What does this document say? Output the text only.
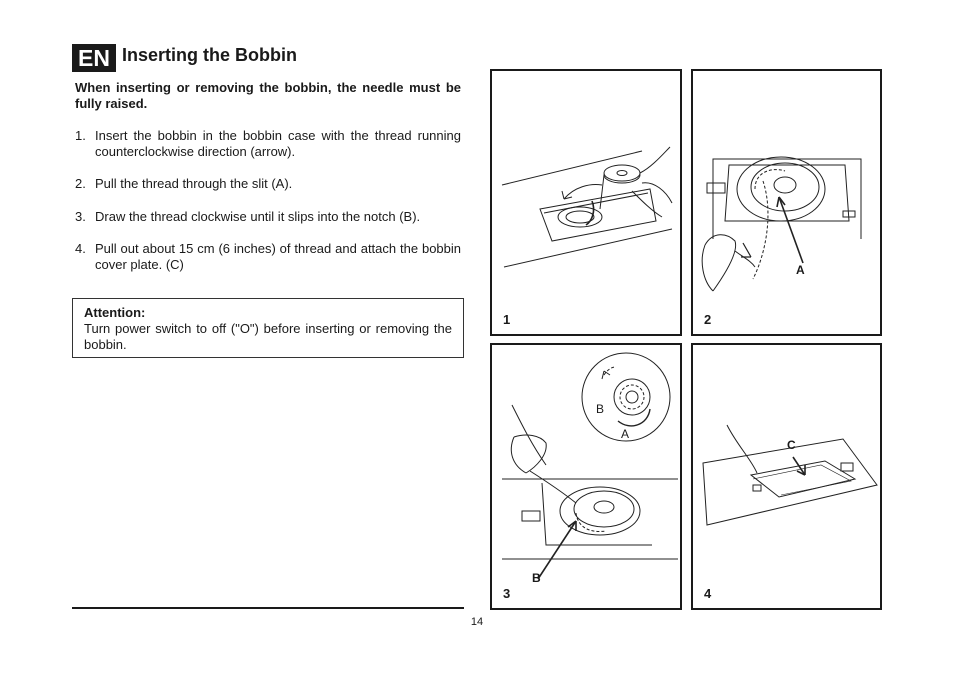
EN Inserting the Bobbin
When inserting or removing the bobbin, the needle must be fully raised.
1. Insert the bobbin in the bobbin case with the thread running counterclockwise direction (arrow).
2. Pull the thread through the slit (A).
3. Draw the thread clockwise until it slips into the notch (B).
4. Pull out about 15 cm (6 inches) of thread and attach the bobbin cover plate. (C)
Attention:
Turn power switch to off ("O") before inserting or removing the bobbin.
14
1
A
2
B
A
B
3
C
4
